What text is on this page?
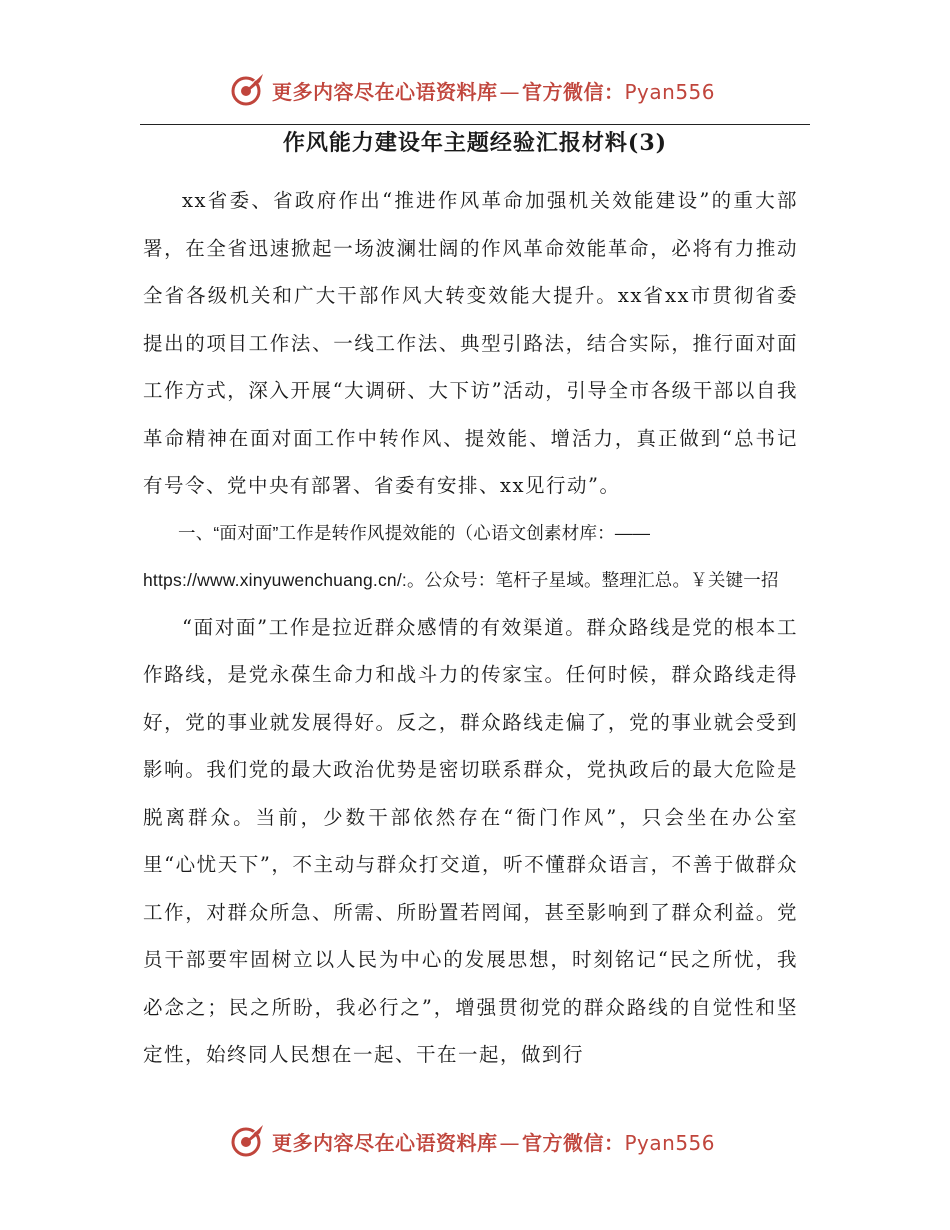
更多内容尽在心语资料库 — 官方微信：Pyan556
作风能力建设年主题经验汇报材料(3)

xx省委、省政府作出“推进作风革命加强机关效能建设”的重大部署，在全省迅速掀起一场波澜壮阔的作风革命效能革命，必将有力推动全省各级机关和广大干部作风大转变效能大提升。xx省xx市贯彻省委提出的项目工作法、一线工作法、典型引路法，结合实际，推行面对面工作方式，深入开展“大调研、大下访”活动，引导全市各级干部以自我革命精神在面对面工作中转作风、提效能、增活力，真正做到“总书记有号令、党中央有部署、省委有安排、xx见行动”。

一、“面对面”工作是转作风提效能的（心语文创素材库：——https://www.xinyuwenchuang.cn/:。公众号：笔杆子星域。整理汇总。￥关键一招

“面对面”工作是拉近群众感情的有效渠道。群众路线是党的根本工作路线，是党永葆生命力和战斗力的传家宝。任何时候，群众路线走得好，党的事业就发展得好。反之，群众路线走偏了，党的事业就会受到影响。我们党的最大政治优势是密切联系群众，党执政后的最大危险是脱离群众。当前，少数干部依然存在“衙门作风”，只会坐在办公室里“心忧天下”，不主动与群众打交道，听不懂群众语言，不善于做群众工作，对群众所急、所需、所盼置若罔闻，甚至影响到了群众利益。党员干部要牢固树立以人民为中心的发展思想，时刻铭记“民之所忧，我必念之；民之所盼，我必行之”，增强贯彻党的群众路线的自觉性和坚定性，始终同人民想在一起、干在一起，做到行

更多内容尽在心语资料库 — 官方微信：Pyan556
